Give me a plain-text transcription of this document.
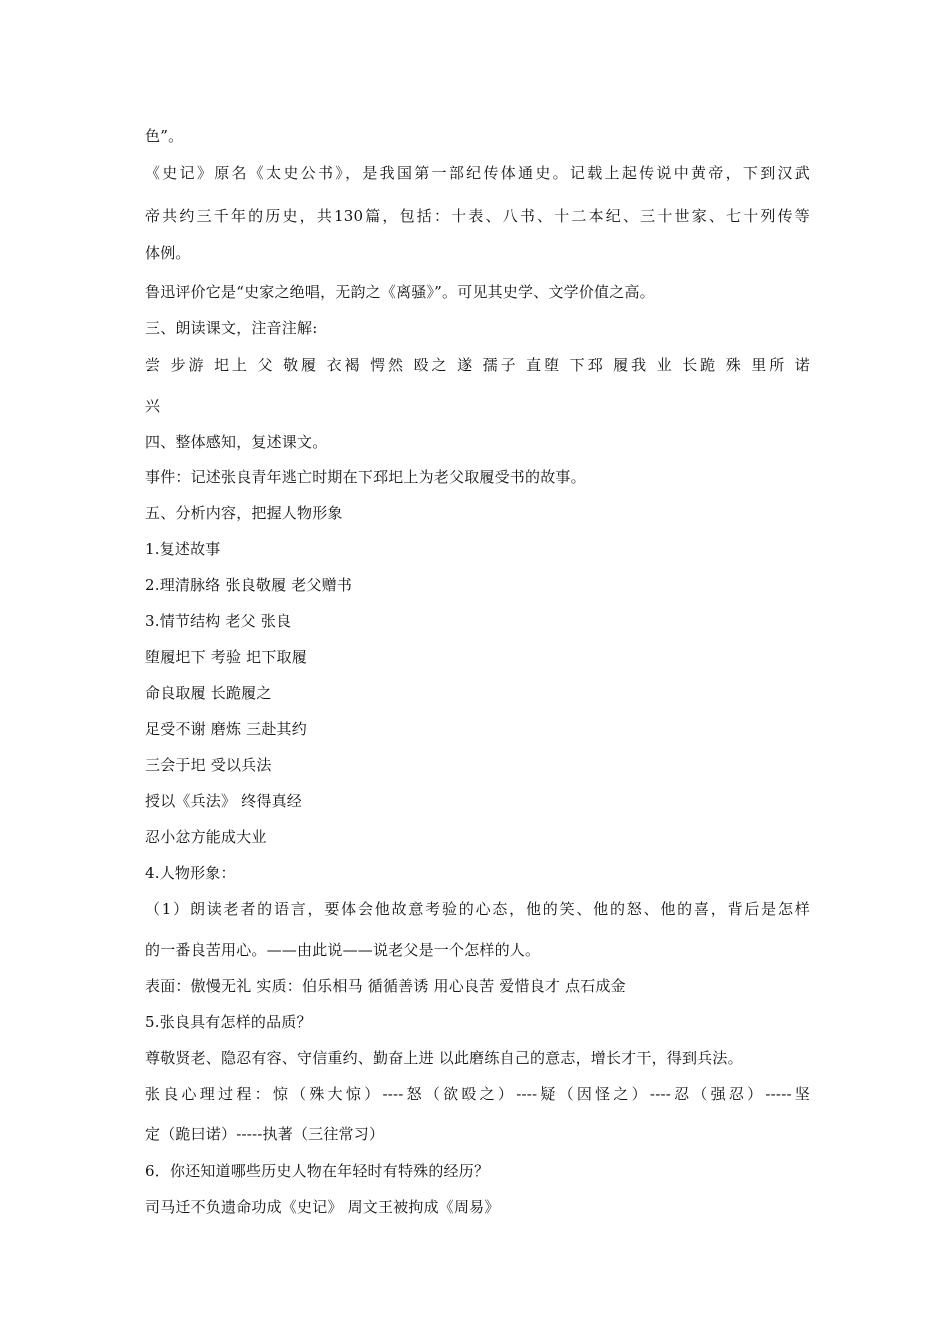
色”。
《史记》原名《太史公书》，是我国第一部纪传体通史。记载上起传说中黄帝，下到汉武
帝共约三千年的历史，共130篇，包括：十表、八书、十二本纪、三十世家、七十列传等
体例。
鲁迅评价它是“史家之绝唱，无韵之《离骚》”。可见其史学、文学价值之高。
三、朗读课文，注音注解:
尝 步游 圯上 父 敬履 衣褐 愕然 殴之 遂 孺子 直堕 下邳 履我 业 长跪 殊 里所 诺
兴
四、整体感知，复述课文。
事件：记述张良青年逃亡时期在下邳圯上为老父取履受书的故事。
五、分析内容，把握人物形象
1.复述故事
2.理清脉络 张良敬履 老父赠书
3.情节结构 老父 张良
堕履圯下 考验 圯下取履
命良取履 长跪履之
足受不谢 磨炼 三赴其约
三会于圯 受以兵法
授以《兵法》 终得真经
忍小忿方能成大业
4.人物形象：
（1）朗读老者的语言，要体会他故意考验的心态，他的笑、他的怒、他的喜，背后是怎样
的一番良苦用心。——由此说——说老父是一个怎样的人。
表面：傲慢无礼 实质：伯乐相马 循循善诱 用心良苦 爱惜良才 点石成金
5.张良具有怎样的品质？
尊敬贤老、隐忍有容、守信重约、勤奋上进 以此磨练自己的意志，增长才干，得到兵法。
张良心理过程：惊（殊大惊）----怒（欲殴之）----疑（因怪之）----忍（强忍）-----坚
定（跪曰诺）-----执著（三往常习）
6．你还知道哪些历史人物在年轻时有特殊的经历？
司马迁不负遗命功成《史记》 周文王被拘成《周易》
